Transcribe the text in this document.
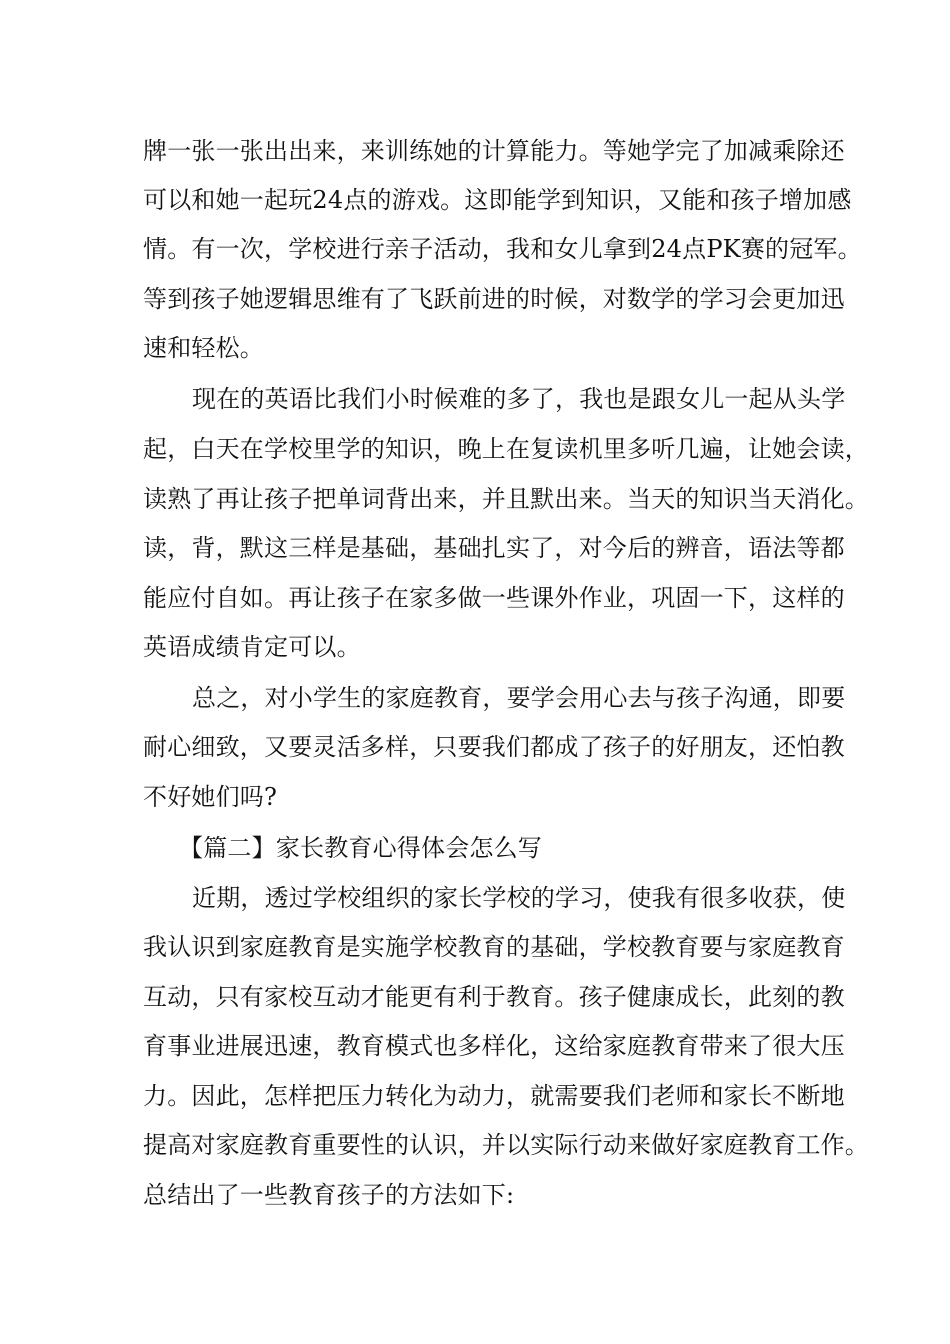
牌一张一张出出来，来训练她的计算能力。等她学完了加减乘除还
可以和她一起玩24点的游戏。这即能学到知识，又能和孩子增加感
情。有一次，学校进行亲子活动，我和女儿拿到24点PK赛的冠军。
等到孩子她逻辑思维有了飞跃前进的时候，对数学的学习会更加迅
速和轻松。
现在的英语比我们小时候难的多了，我也是跟女儿一起从头学
起，白天在学校里学的知识，晚上在复读机里多听几遍，让她会读，
读熟了再让孩子把单词背出来，并且默出来。当天的知识当天消化。
读，背，默这三样是基础，基础扎实了，对今后的辨音，语法等都
能应付自如。再让孩子在家多做一些课外作业，巩固一下，这样的
英语成绩肯定可以。
总之，对小学生的家庭教育，要学会用心去与孩子沟通，即要
耐心细致，又要灵活多样，只要我们都成了孩子的好朋友，还怕教
不好她们吗?
【篇二】家长教育心得体会怎么写
近期，透过学校组织的家长学校的学习，使我有很多收获，使
我认识到家庭教育是实施学校教育的基础，学校教育要与家庭教育
互动，只有家校互动才能更有利于教育。孩子健康成长，此刻的教
育事业进展迅速，教育模式也多样化，这给家庭教育带来了很大压
力。因此，怎样把压力转化为动力，就需要我们老师和家长不断地
提高对家庭教育重要性的认识，并以实际行动来做好家庭教育工作。
总结出了一些教育孩子的方法如下:
